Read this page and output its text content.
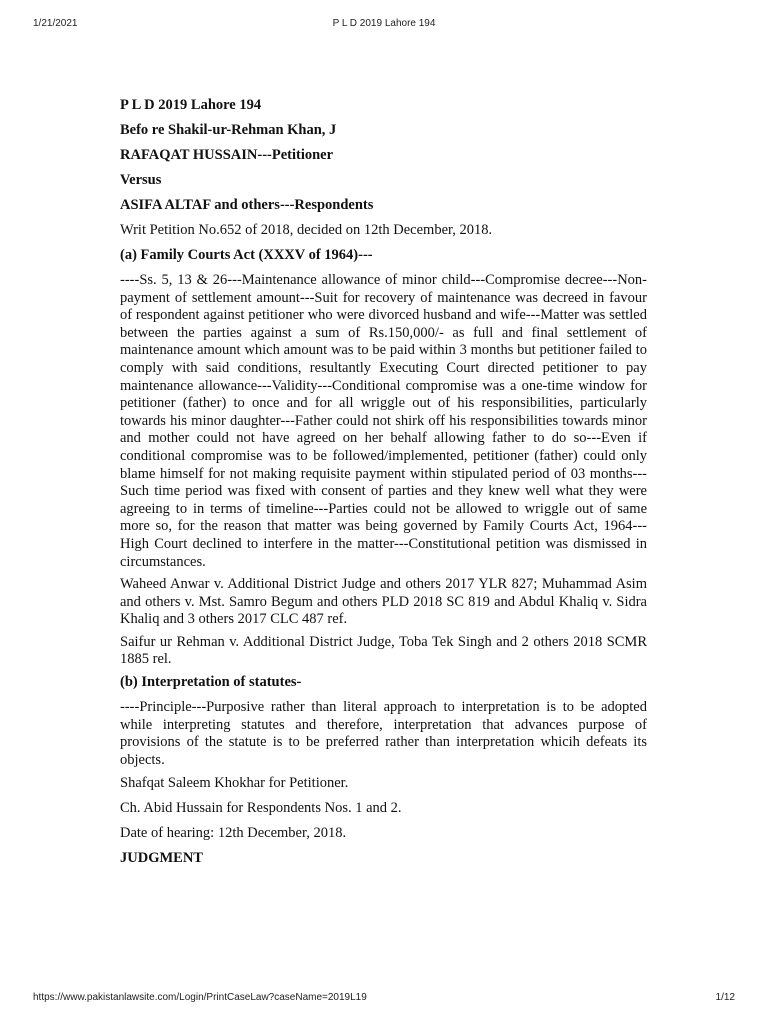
1/21/2021	P L D 2019 Lahore 194
P L D 2019 Lahore 194
Befo re Shakil-ur-Rehman Khan, J
RAFAQAT HUSSAIN---Petitioner
Versus
ASIFA ALTAF and others---Respondents
Writ Petition No.652 of 2018, decided on 12th December, 2018.
(a) Family Courts Act (XXXV of 1964)---

----Ss. 5, 13 & 26---Maintenance allowance of minor child---Compromise decree---Non-payment of settlement amount---Suit for recovery of maintenance was decreed in favour of respondent against petitioner who were divorced husband and wife---Matter was settled between the parties against a sum of Rs.150,000/- as full and final settlement of maintenance amount which amount was to be paid within 3 months but petitioner failed to comply with said conditions, resultantly Executing Court directed petitioner to pay maintenance allowance---Validity---Conditional compromise was a one-time window for petitioner (father) to once and for all wriggle out of his responsibilities, particularly towards his minor daughter---Father could not shirk off his responsibilities towards minor and mother could not have agreed on her behalf allowing father to do so---Even if conditional compromise was to be followed/implemented, petitioner (father) could only blame himself for not making requisite payment within stipulated period of 03 months---Such time period was fixed with consent of parties and they knew well what they were agreeing to in terms of timeline---Parties could not be allowed to wriggle out of same more so, for the reason that matter was being governed by Family Courts Act, 1964---High Court declined to interfere in the matter---Constitutional petition was dismissed in circumstances.

Waheed Anwar v. Additional District Judge and others 2017 YLR 827; Muhammad Asim and others v. Mst. Samro Begum and others PLD 2018 SC 819 and Abdul Khaliq v. Sidra Khaliq and 3 others 2017 CLC 487 ref.

Saifur ur Rehman v. Additional District Judge, Toba Tek Singh and 2 others 2018 SCMR 1885 rel.

(b) Interpretation of statutes-

----Principle---Purposive rather than literal approach to interpretation is to be adopted while interpreting statutes and therefore, interpretation that advances purpose of provisions of the statute is to be preferred rather than interpretation whicih defeats its objects.

Shafqat Saleem Khokhar for Petitioner.
Ch. Abid Hussain for Respondents Nos. 1 and 2.
Date of hearing: 12th December, 2018.
JUDGMENT
https://www.pakistanlawsite.com/Login/PrintCaseLaw?caseName=2019L19	1/12
